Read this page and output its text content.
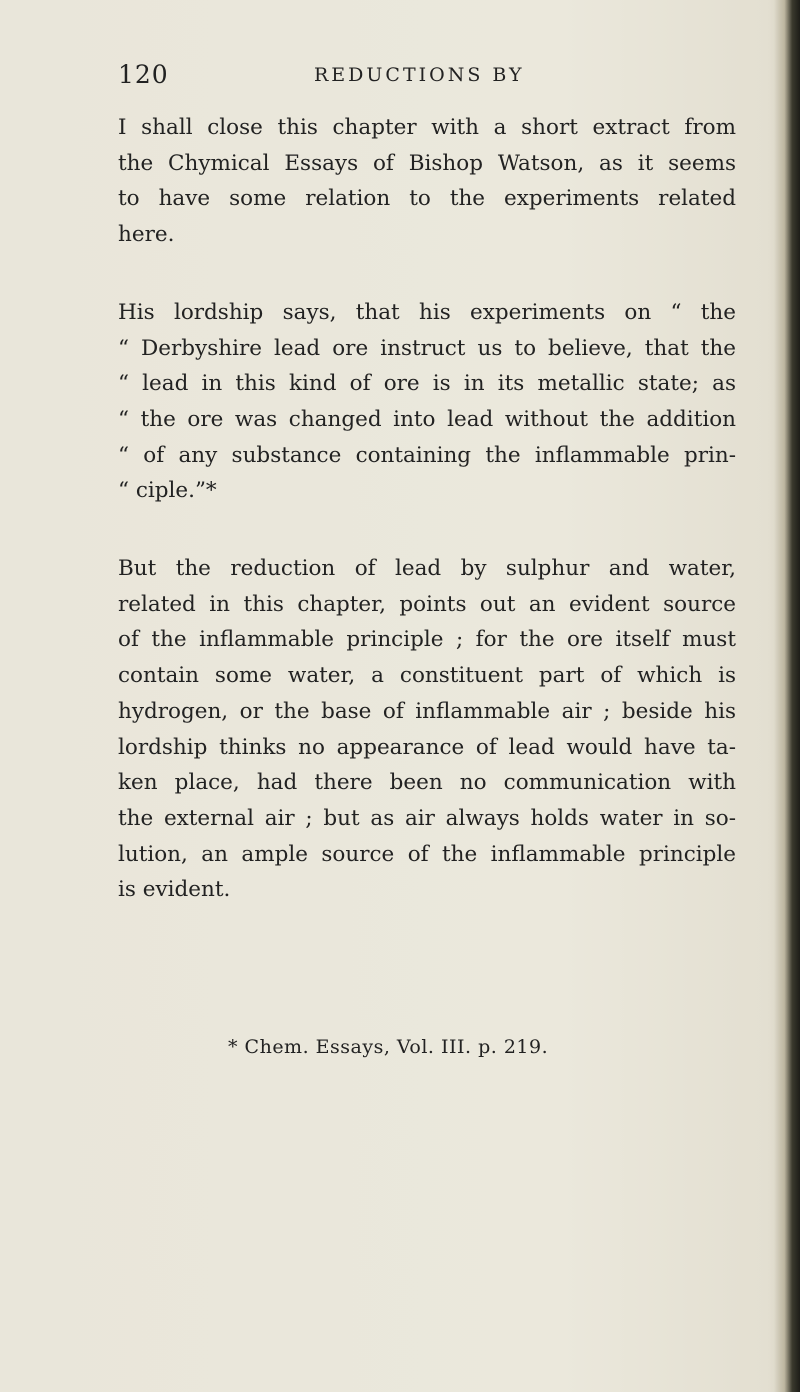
120	REDUCTIONS BY

I shall close this chapter with a short extract from
the Chymical Essays of Bishop Watson, as it seems
to have some relation to the experiments related
here.

His lordship says, that his experiments on “ the
“ Derbyshire lead ore instruct us to believe, that the
“ lead in this kind of ore is in its metallic state; as
“ the ore was changed into lead without the addition
“ of any substance containing the inflammable prin-
“ ciple.”*

But the reduction of lead by sulphur and water,
related in this chapter, points out an evident source
of the inflammable principle ; for the ore itself must
contain some water, a constituent part of which is
hydrogen, or the base of inflammable air ; beside his
lordship thinks no appearance of lead would have ta-
ken place, had there been no communication with
the external air ; but as air always holds water in so-
lution, an ample source of the inflammable principle
is evident.

* Chem. Essays, Vol. III. p. 219.
